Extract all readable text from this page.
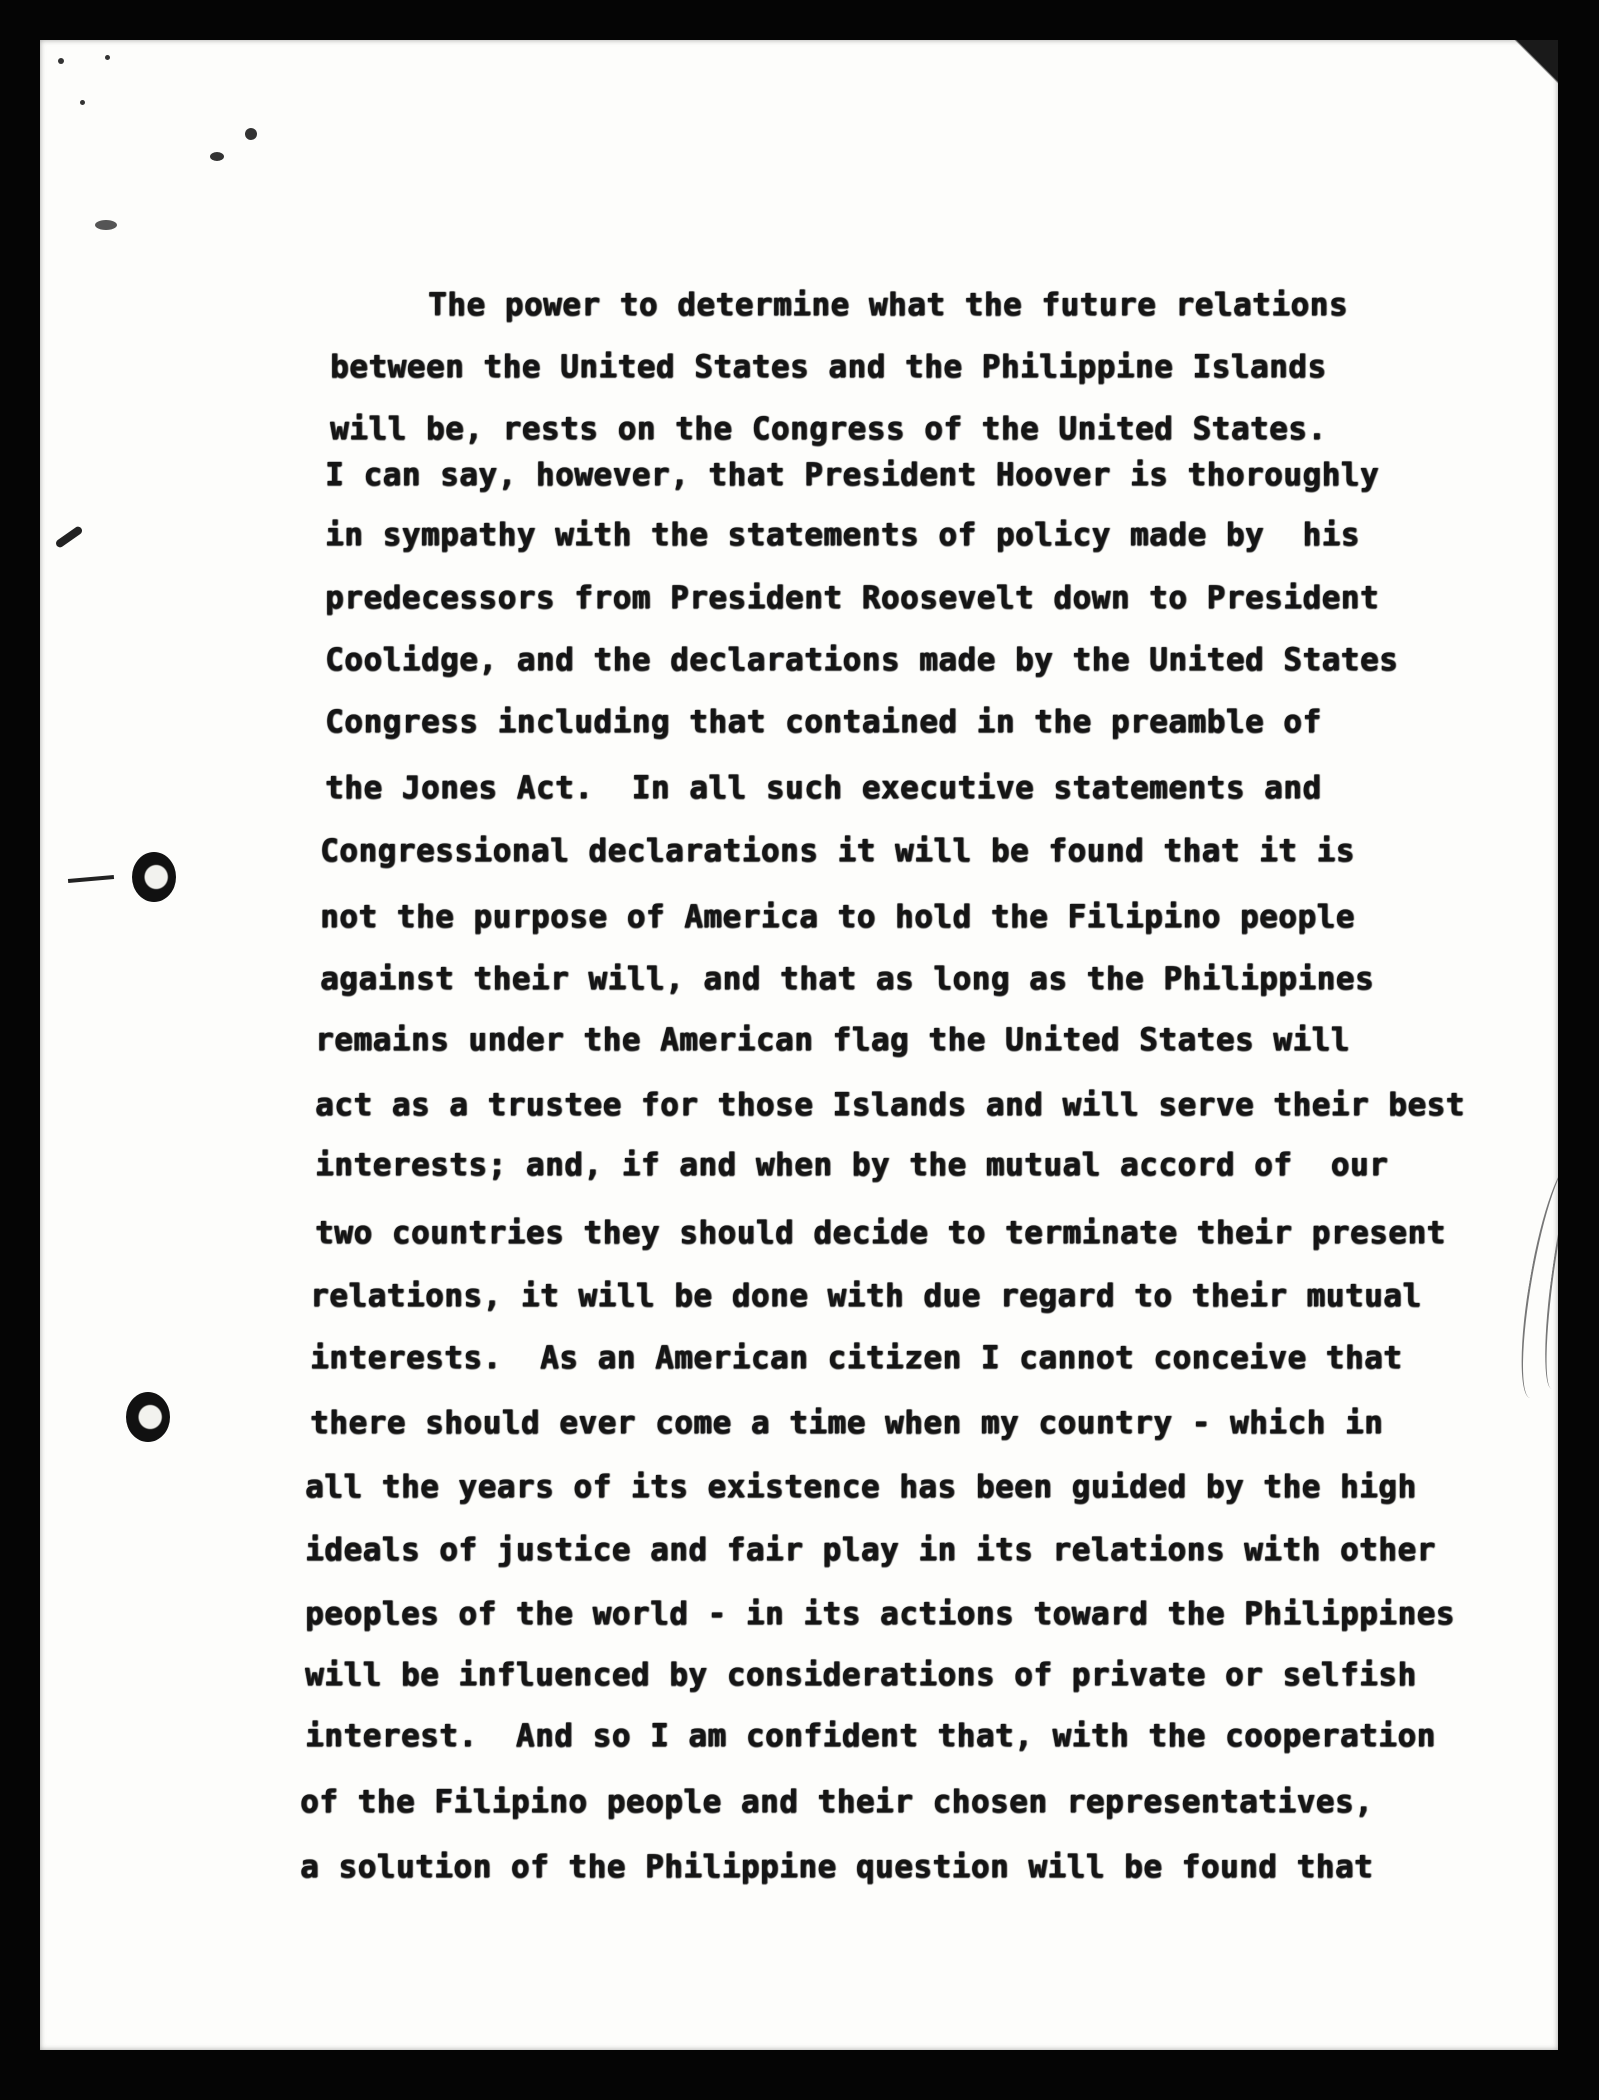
The power to determine what the future relations
between the United States and the Philippine Islands
will be, rests on the Congress of the United States.
I can say, however, that President Hoover is thoroughly
in sympathy with the statements of policy made by  his
predecessors from President Roosevelt down to President
Coolidge, and the declarations made by the United States
Congress including that contained in the preamble of
the Jones Act.  In all such executive statements and
Congressional declarations it will be found that it is
not the purpose of America to hold the Filipino people
against their will, and that as long as the Philippines
remains under the American flag the United States will
act as a trustee for those Islands and will serve their best
interests; and, if and when by the mutual accord of  our
two countries they should decide to terminate their present
relations, it will be done with due regard to their mutual
interests.  As an American citizen I cannot conceive that
there should ever come a time when my country - which in
all the years of its existence has been guided by the high
ideals of justice and fair play in its relations with other
peoples of the world - in its actions toward the Philippines
will be influenced by considerations of private or selfish
interest.  And so I am confident that, with the cooperation
of the Filipino people and their chosen representatives,
a solution of the Philippine question will be found that
